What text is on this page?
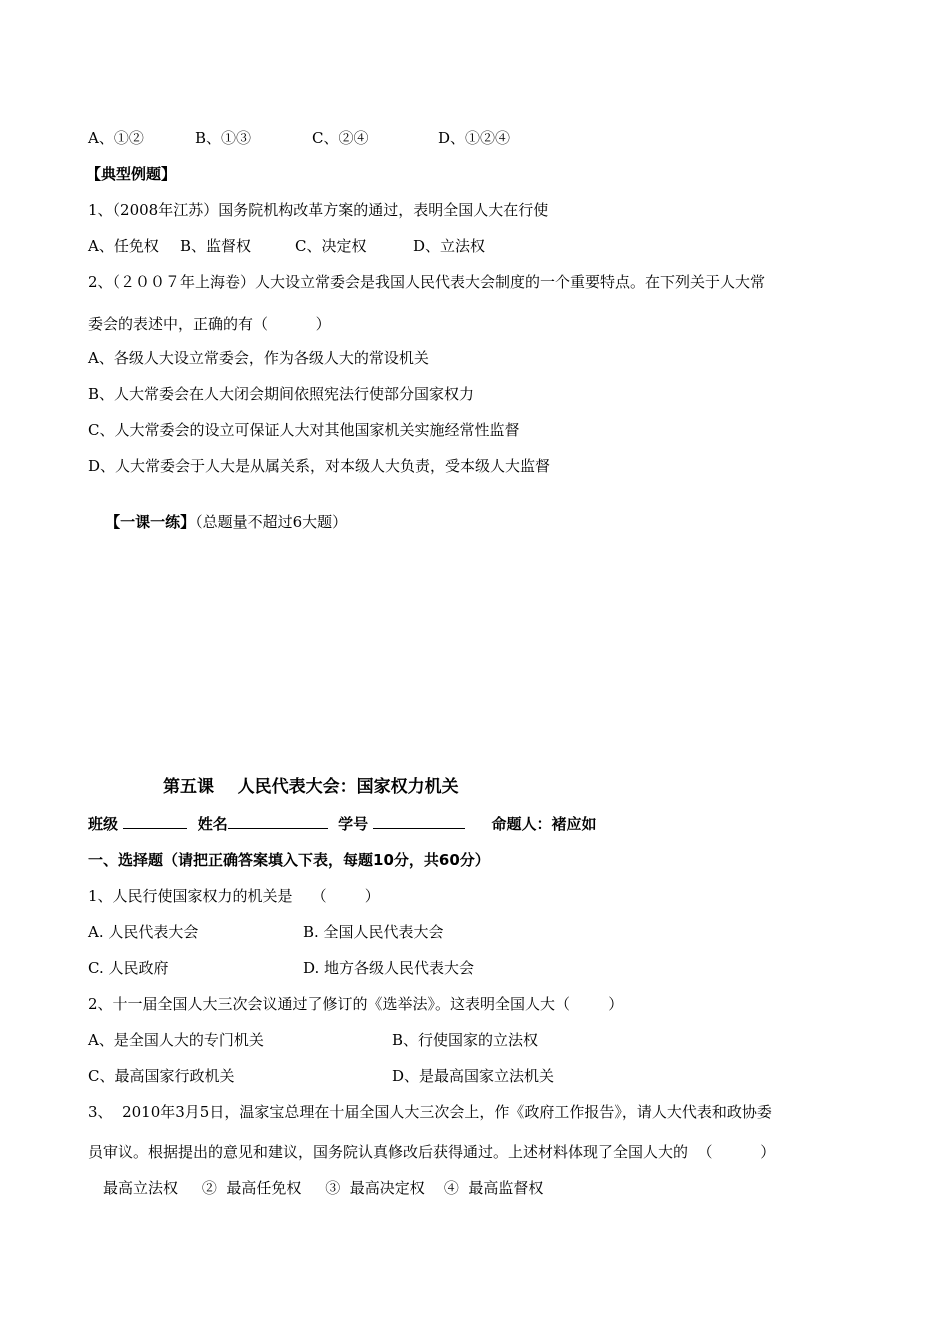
A、①②	B、①③	C、②④	D、①②④
【典型例题】
1、（2008年江苏）国务院机构改革方案的通过，表明全国人大在行使
A、任免权 B、监督权	C、决定权	D、立法权
2、（２００７年上海卷）人大设立常委会是我国人民代表大会制度的一个重要特点。在下列关于人大常
委会的表述中，正确的有（          ）
A、各级人大设立常委会，作为各级人大的常设机关
B、人大常委会在人大闭会期间依照宪法行使部分国家权力
C、人大常委会的设立可保证人大对其他国家机关实施经常性监督
D、人大常委会于人大是从属关系，对本级人大负责，受本级人大监督

【一课一练】（总题量不超过6大题）

第五课    人民代表大会：国家权力机关
班级	姓名	学号	命题人：褚应如
一、选择题（请把正确答案填入下表，每题10分，共60分）
1、人民行使国家权力的机关是    （        ）
A. 人民代表大会	B. 全国人民代表大会
C. 人民政府	D. 地方各级人民代表大会
2、十一届全国人大三次会议通过了修订的《选举法》。这表明全国人大（        ）
A、是全国人大的专门机关	B、行使国家的立法权
C、最高国家行政机关	D、是最高国家立法机关
3、  2010年3月5日，温家宝总理在十届全国人大三次会上，作《政府工作报告》，请人大代表和政协委
员审议。根据提出的意见和建议，国务院认真修改后获得通过。上述材料体现了全国人大的  （          ）
最高立法权     ②  最高任免权     ③  最高决定权    ④  最高监督权
